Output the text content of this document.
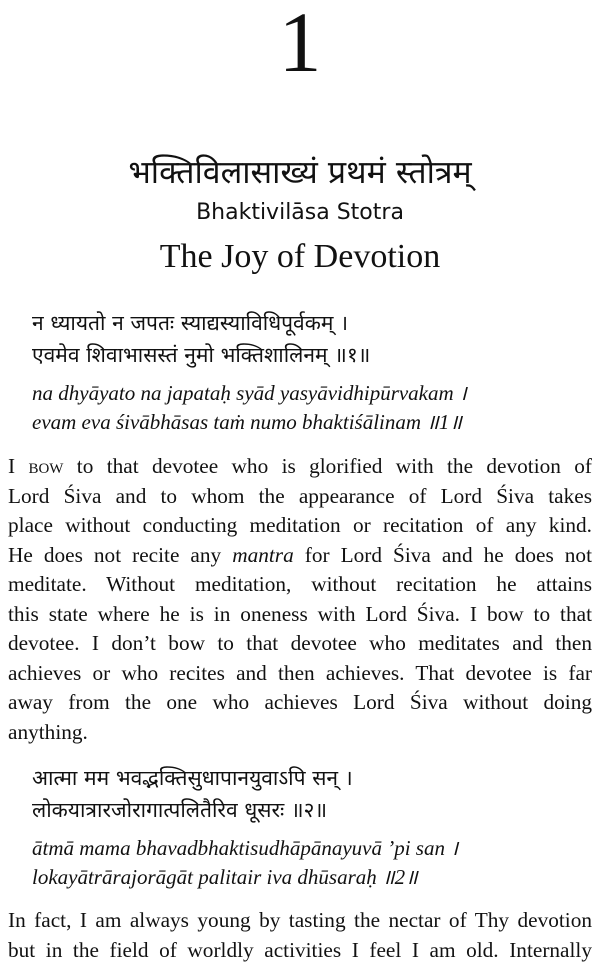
1
भक्तिविलासाख्यं प्रथमं स्तोत्रम्
Bhaktivilāsa Stotra
The Joy of Devotion
न ध्यायतो न जपतः स्याद्यस्याविधिपूर्वकम् ।
एवमेव शिवाभासस्तं नुमो भक्तिशालिनम् ॥१॥
na dhyāyato na japataḥ syād yasyāvidhipūrvakam ।
evam eva śivābhāsas taṁ numo bhaktiśālinam ॥1॥
I bow to that devotee who is glorified with the devotion of
Lord Śiva and to whom the appearance of Lord Śiva takes
place without conducting meditation or recitation of any kind.
He does not recite any mantra for Lord Śiva and he does not
meditate. Without meditation, without recitation he attains
this state where he is in oneness with Lord Śiva. I bow to that
devotee. I don’t bow to that devotee who meditates and then
achieves or who recites and then achieves. That devotee is far
away from the one who achieves Lord Śiva without doing
anything.
आत्मा मम भवद्भक्तिसुधापानयुवाऽपि सन् ।
लोकयात्रारजोरागात्पलितैरिव धूसरः ॥२॥
ātmā mama bhavadbhaktisudhāpānayuvā ’pi san ।
lokayātrārajorāgāt palitair iva dhūsaraḥ ॥2॥
In fact, I am always young by tasting the nectar of Thy devotion
but in the field of worldly activities I feel I am old. Internally
